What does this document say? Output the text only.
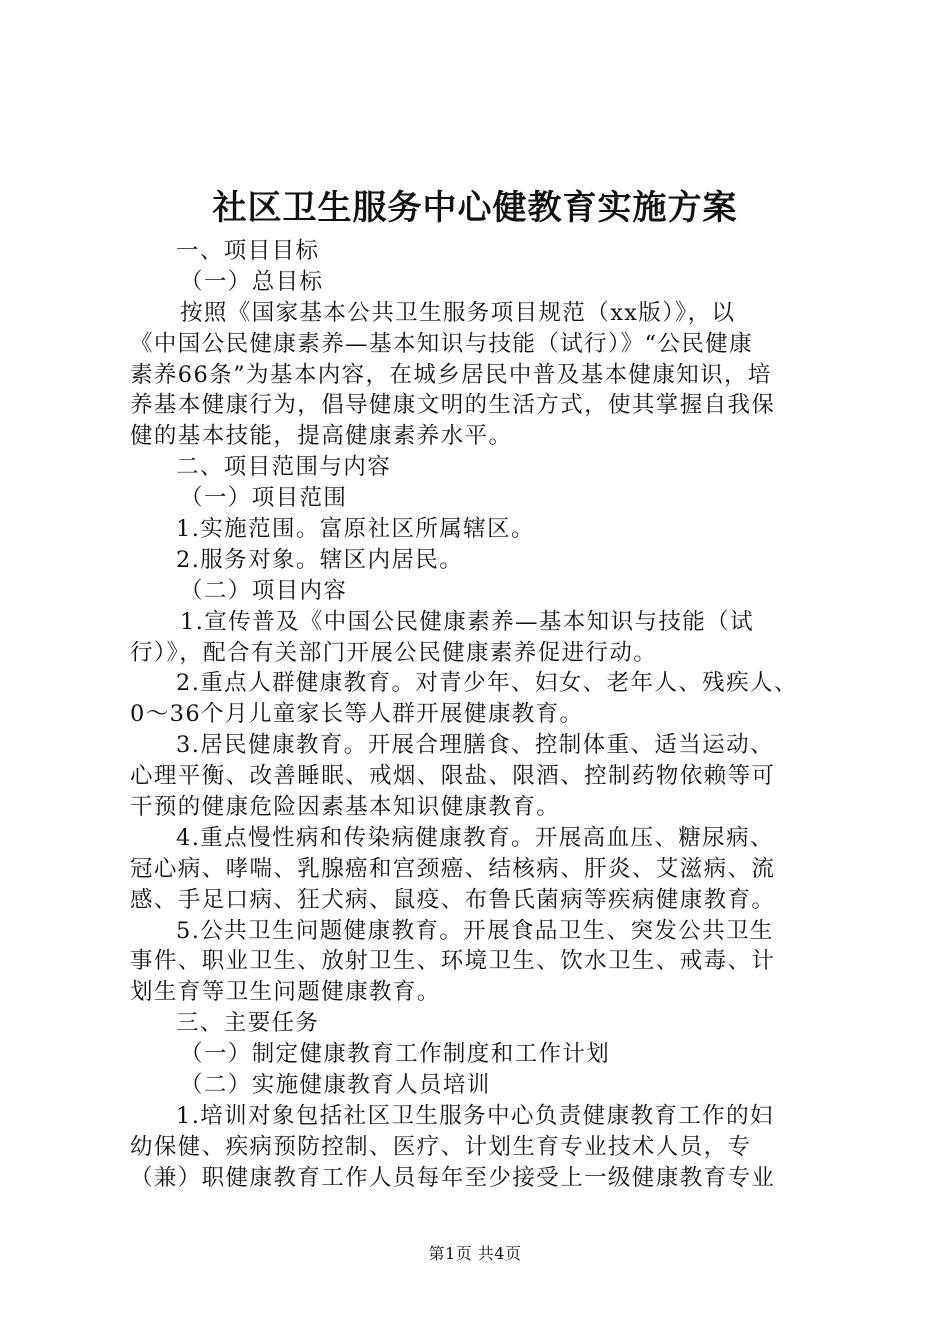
社区卫生服务中心健教育实施方案
一、项目目标
（一）总目标
按照《国家基本公共卫生服务项目规范（xx版）》，以
《中国公民健康素养—基本知识与技能（试行）》“公民健康
素养66条”为基本内容，在城乡居民中普及基本健康知识，培
养基本健康行为，倡导健康文明的生活方式，使其掌握自我保
健的基本技能，提高健康素养水平。
二、项目范围与内容
（一）项目范围
1.实施范围。富原社区所属辖区。
2.服务对象。辖区内居民。
（二）项目内容
1.宣传普及《中国公民健康素养—基本知识与技能（试
行）》，配合有关部门开展公民健康素养促进行动。
2.重点人群健康教育。对青少年、妇女、老年人、残疾人、
0～36个月儿童家长等人群开展健康教育。
3.居民健康教育。开展合理膳食、控制体重、适当运动、
心理平衡、改善睡眠、戒烟、限盐、限酒、控制药物依赖等可
干预的健康危险因素基本知识健康教育。
4.重点慢性病和传染病健康教育。开展高血压、糖尿病、
冠心病、哮喘、乳腺癌和宫颈癌、结核病、肝炎、艾滋病、流
感、手足口病、狂犬病、鼠疫、布鲁氏菌病等疾病健康教育。
5.公共卫生问题健康教育。开展食品卫生、突发公共卫生
事件、职业卫生、放射卫生、环境卫生、饮水卫生、戒毒、计
划生育等卫生问题健康教育。
三、主要任务
（一）制定健康教育工作制度和工作计划
（二）实施健康教育人员培训
1.培训对象包括社区卫生服务中心负责健康教育工作的妇
幼保健、疾病预防控制、医疗、计划生育专业技术人员，专
（兼）职健康教育工作人员每年至少接受上一级健康教育专业
第1页 共4页
